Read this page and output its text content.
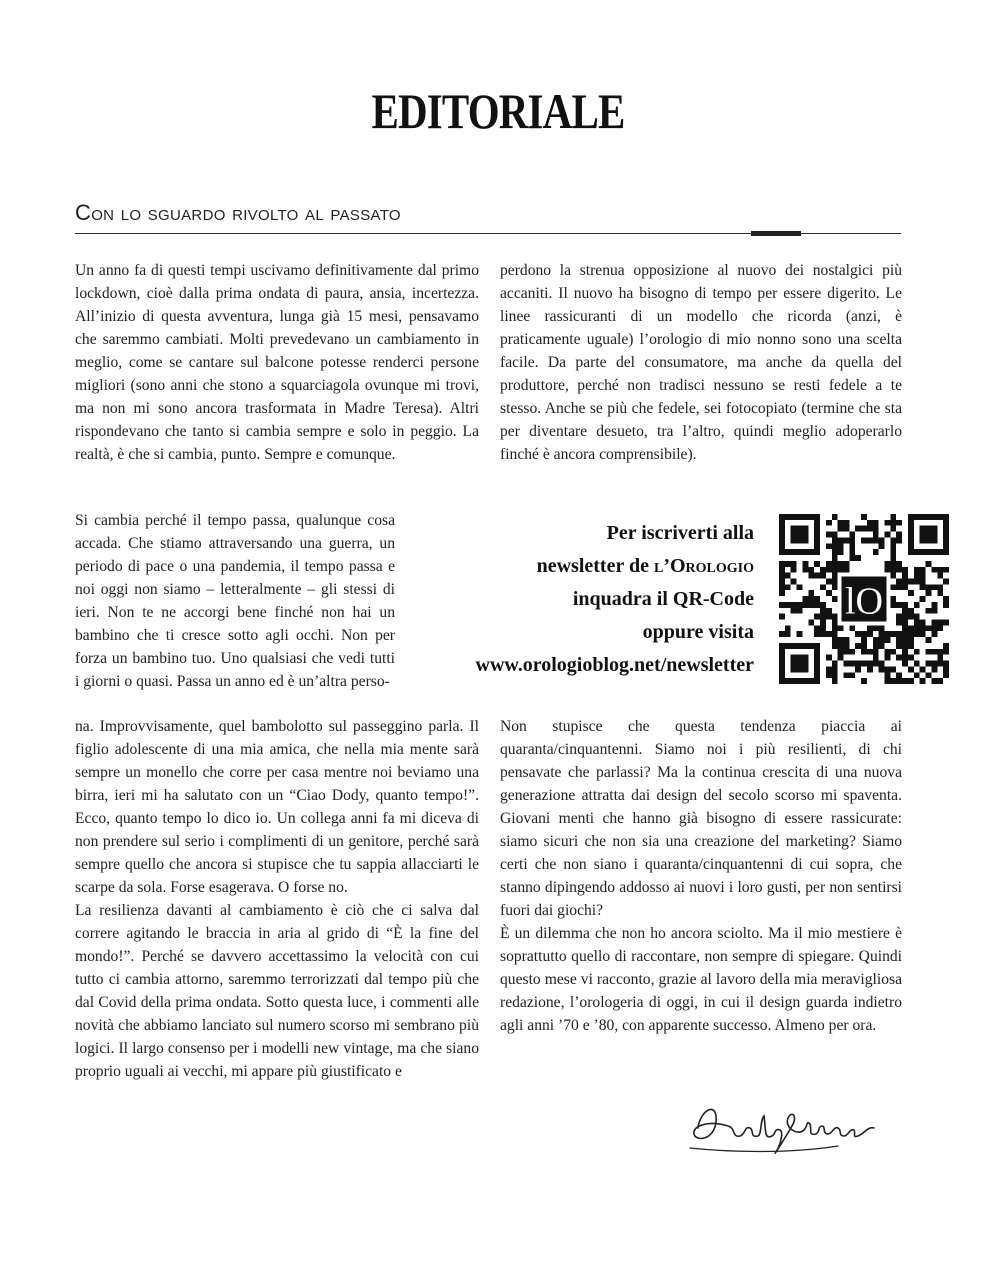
EDITORIALE
Con lo sguardo rivolto al passato

Un anno fa di questi tempi uscivamo definitivamente dal primo lockdown, cioè dalla prima ondata di paura, ansia, incertezza. All’inizio di questa avventura, lunga già 15 mesi, pensavamo che saremmo cambiati. Molti prevedevano un cambiamento in meglio, come se cantare sul balcone potesse renderci persone migliori (sono anni che stono a squarciagola ovunque mi trovi, ma non mi sono ancora trasformata in Madre Teresa). Altri rispondevano che tanto si cambia sempre e solo in peggio. La realtà, è che si cambia, punto. Sempre e comunque.

Si cambia perché il tempo passa, qualunque cosa accada. Che stiamo attraversando una guerra, un periodo di pace o una pandemia, il tempo passa e noi oggi non siamo – letteralmente – gli stessi di ieri. Non te ne accorgi bene finché non hai un bambino che ti cresce sotto agli occhi. Non per forza un bambino tuo. Uno qualsiasi che vedi tutti i giorni o quasi. Passa un anno ed è un’altra perso-

na. Improvvisamente, quel bambolotto sul passeggino parla. Il figlio adolescente di una mia amica, che nella mia mente sarà sempre un monello che corre per casa mentre noi beviamo una birra, ieri mi ha salutato con un “Ciao Dody, quanto tempo!”. Ecco, quanto tempo lo dico io. Un collega anni fa mi diceva di non prendere sul serio i complimenti di un genitore, perché sarà sempre quello che ancora si stupisce che tu sappia allacciarti le scarpe da sola. Forse esagerava. O forse no.

La resilienza davanti al cambiamento è ciò che ci salva dal correre agitando le braccia in aria al grido di “È la fine del mondo!”. Perché se davvero accettassimo la velocità con cui tutto ci cambia attorno, saremmo terrorizzati dal tempo più che dal Covid della prima ondata. Sotto questa luce, i commenti alle novità che abbiamo lanciato sul numero scorso mi sembrano più logici. Il largo consenso per i modelli new vintage, ma che siano proprio uguali ai vecchi, mi appare più giustificato e

perdono la strenua opposizione al nuovo dei nostalgici più accaniti. Il nuovo ha bisogno di tempo per essere digerito. Le linee rassicuranti di un modello che ricorda (anzi, è praticamente uguale) l’orologio di mio nonno sono una scelta facile. Da parte del consumatore, ma anche da quella del produttore, perché non tradisci nessuno se resti fedele a te stesso. Anche se più che fedele, sei fotocopiato (termine che sta per diventare desueto, tra l’altro, quindi meglio adoperarlo finché è ancora comprensibile).

Non stupisce che questa tendenza piaccia ai quaranta/cinquantenni. Siamo noi i più resilienti, di chi pensavate che parlassi? Ma la continua crescita di una nuova generazione attratta dai design del secolo scorso mi spaventa. Giovani menti che hanno già bisogno di essere rassicurate: siamo sicuri che non sia una creazione del marketing? Siamo certi che non siano i quaranta/cinquantenni di cui sopra, che stanno dipingendo addosso ai nuovi i loro gusti, per non sentirsi fuori dai giochi?

È un dilemma che non ho ancora sciolto. Ma il mio mestiere è soprattutto quello di raccontare, non sempre di spiegare. Quindi questo mese vi racconto, grazie al lavoro della mia meravigliosa redazione, l’orologeria di oggi, in cui il design guarda indietro agli anni ’70 e ’80, con apparente successo. Almeno per ora.

Per iscriverti alla
newsletter de l’Orologio
inquadra il QR-Code
oppure visita
www.orologioblog.net/newsletter
lO
